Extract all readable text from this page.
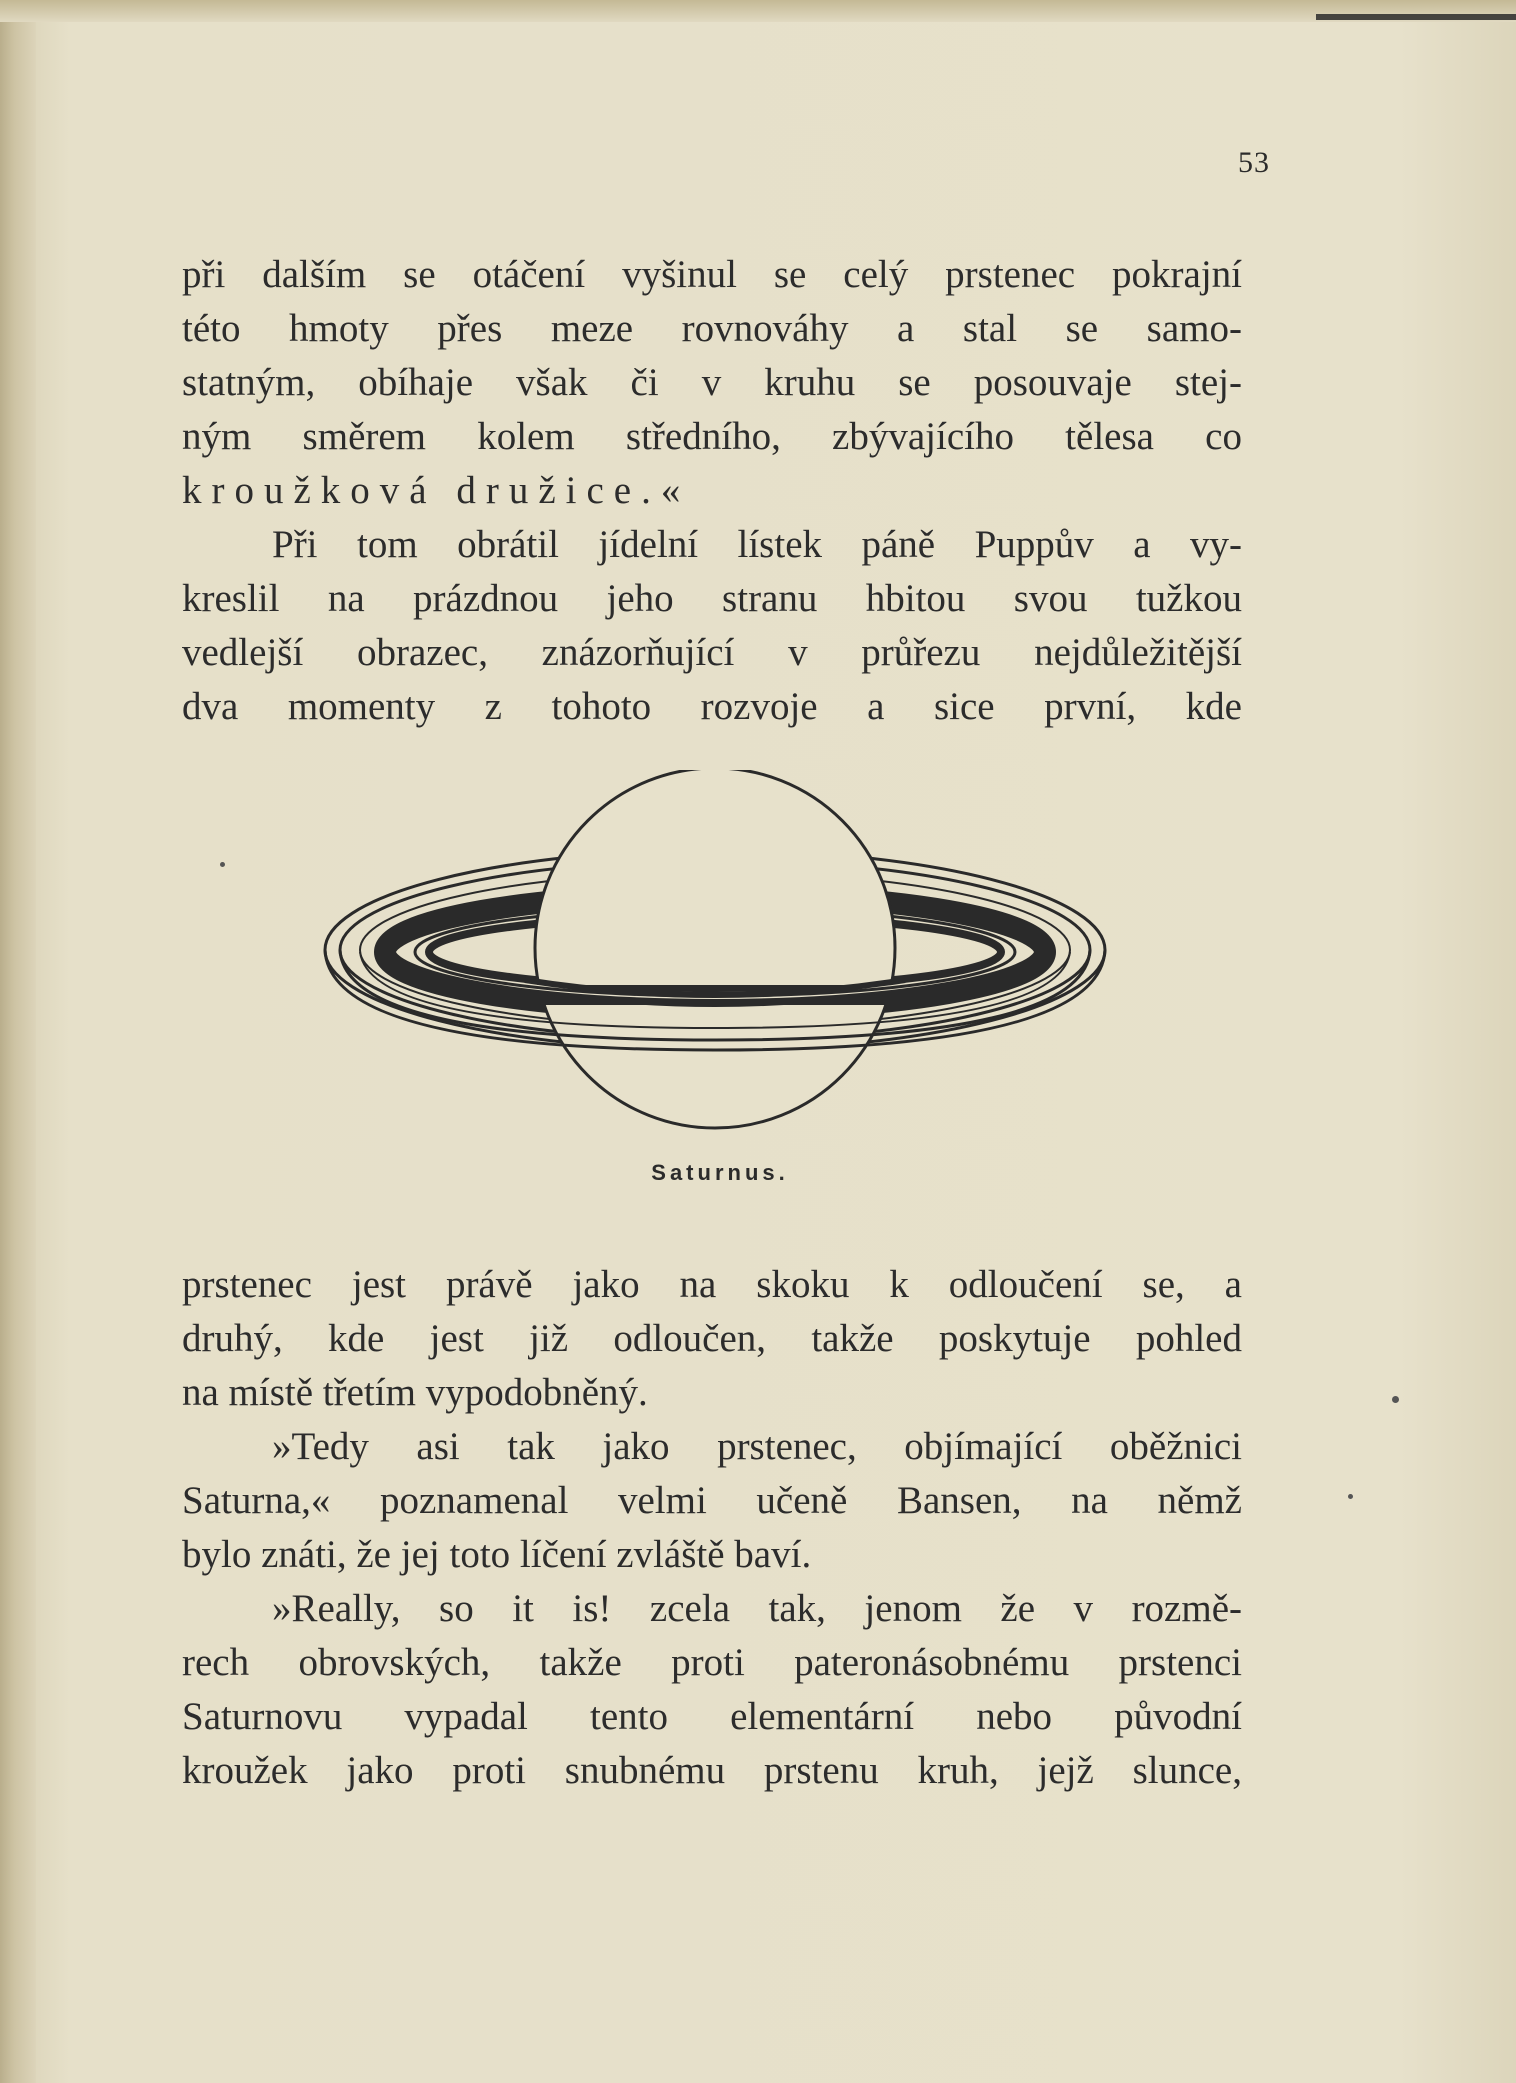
53
při dalším se otáčení vyšinul se celý prstenec pokrajní
této hmoty přes meze rovnováhy a stal se samo-
statným, obíhaje však či v kruhu se posouvaje stej-
ným směrem kolem středního, zbývajícího tělesa co
kroužková družice.«
Při tom obrátil jídelní lístek páně Puppův a vy-
kreslil na prázdnou jeho stranu hbitou svou tužkou
vedlejší obrazec, znázorňující v průřezu nejdůležitější
dva momenty z tohoto rozvoje a sice první, kde
Saturnus.
prstenec jest právě jako na skoku k odloučení se, a
druhý, kde jest již odloučen, takže poskytuje pohled
na místě třetím vypodobněný.
»Tedy asi tak jako prstenec, objímající oběžnici
Saturna,« poznamenal velmi učeně Bansen, na němž
bylo znáti, že jej toto líčení zvláště baví.
»Really, so it is! zcela tak, jenom že v rozmě-
rech obrovských, takže proti pateronásobnému prstenci
Saturnovu vypadal tento elementární nebo původní
kroužek jako proti snubnému prstenu kruh, jejž slunce,
